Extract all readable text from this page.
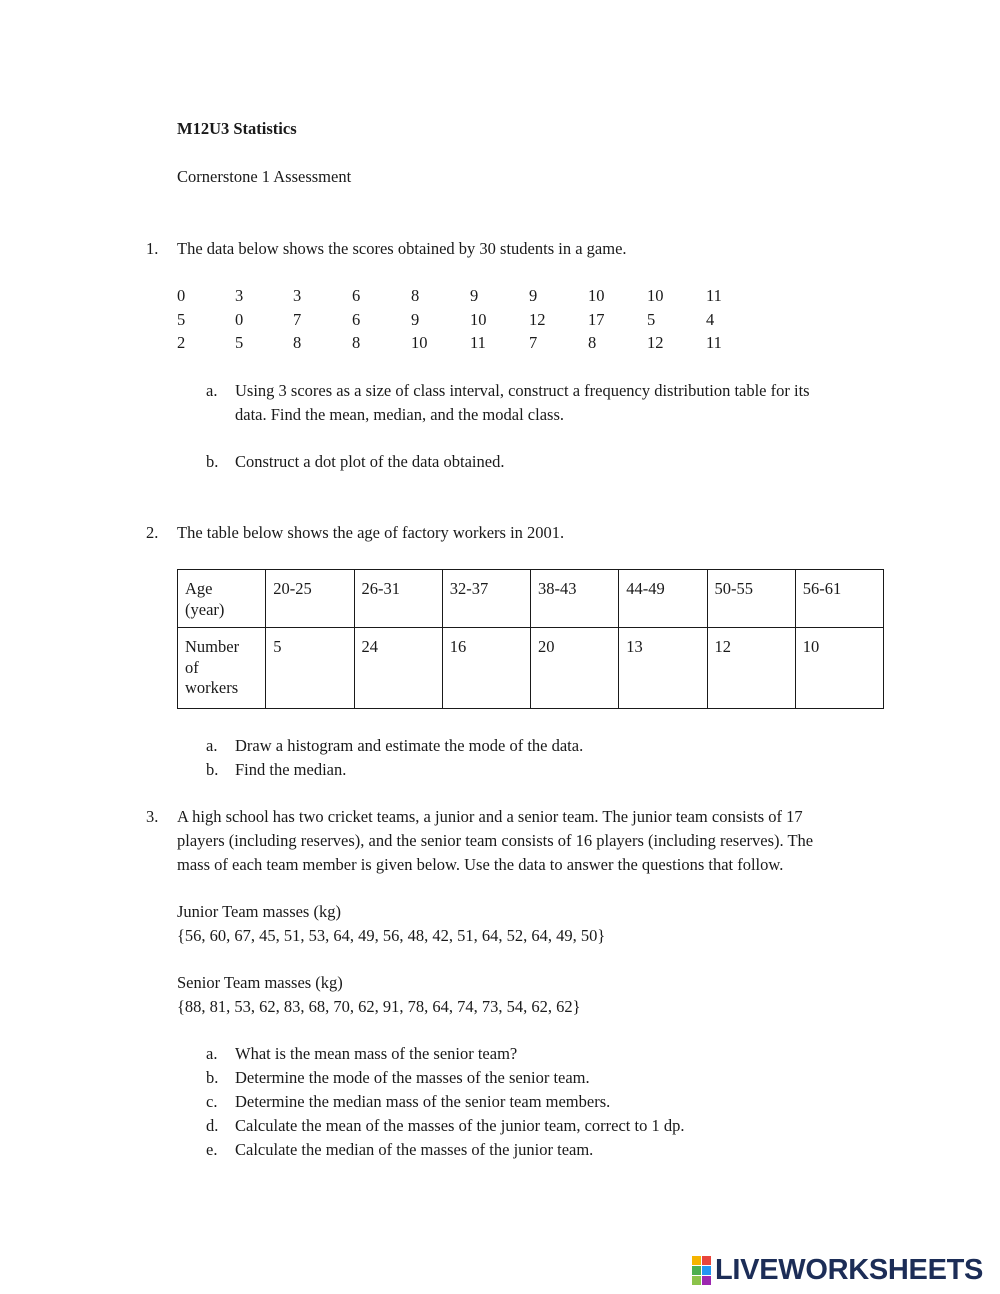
M12U3 Statistics
Cornerstone 1 Assessment
1. The data below shows the scores obtained by 30 students in a game.
0	3	3	6	8	9	9	10	10	11
5	0	7	6	9	10	12	17	5	4
2	5	8	8	10	11	7	8	12	11
a. Using 3 scores as a size of class interval, construct a frequency distribution table for its
data. Find the mean, median, and the modal class.
b. Construct a dot plot of the data obtained.
2. The table below shows the age of factory workers in 2001.
Age
(year)	20-25	26-31	32-37	38-43	44-49	50-55	56-61

Number
of
workers	5	24	16	20	13	12	10
a. Draw a histogram and estimate the mode of the data.
b. Find the median.
3. A high school has two cricket teams, a junior and a senior team. The junior team consists of 17
players (including reserves), and the senior team consists of 16 players (including reserves). The
mass of each team member is given below. Use the data to answer the questions that follow.
Junior Team masses (kg)
{56, 60, 67, 45, 51, 53, 64, 49, 56, 48, 42, 51, 64, 52, 64, 49, 50}
Senior Team masses (kg)
{88, 81, 53, 62, 83, 68, 70, 62, 91, 78, 64, 74, 73, 54, 62, 62}
a. What is the mean mass of the senior team?
b. Determine the mode of the masses of the senior team.
c. Determine the median mass of the senior team members.
d. Calculate the mean of the masses of the junior team, correct to 1 dp.
e. Calculate the median of the masses of the junior team.
LIVEWORKSHEETS
